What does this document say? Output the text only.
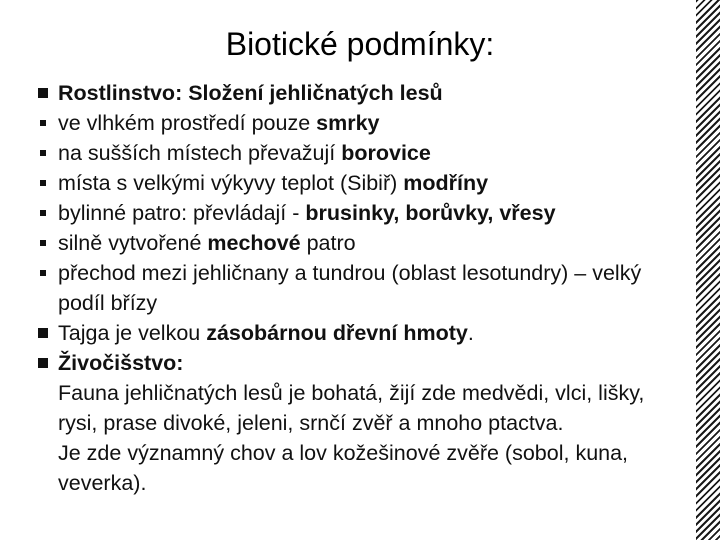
Biotické podmínky:
Rostlinstvo: Složení jehličnatých lesů
ve vlhkém prostředí pouze smrky
na sušších místech převažují borovice
místa s velkými výkyvy teplot (Sibiř) modříny
bylinné patro: převládají - brusinky, borůvky, vřesy
silně vytvořené mechové patro
přechod mezi jehličnany a tundrou (oblast lesotundry) – velký podíl břízy
Tajga je velkou zásobárnou dřevní hmoty.
Živočišstvo:
Fauna jehličnatých lesů je bohatá, žijí zde medvědi, vlci, lišky, rysi, prase divoké, jeleni, srnčí zvěř a mnoho ptactva.
Je zde významný chov a lov kožešinové zvěře (sobol, kuna, veverka).
